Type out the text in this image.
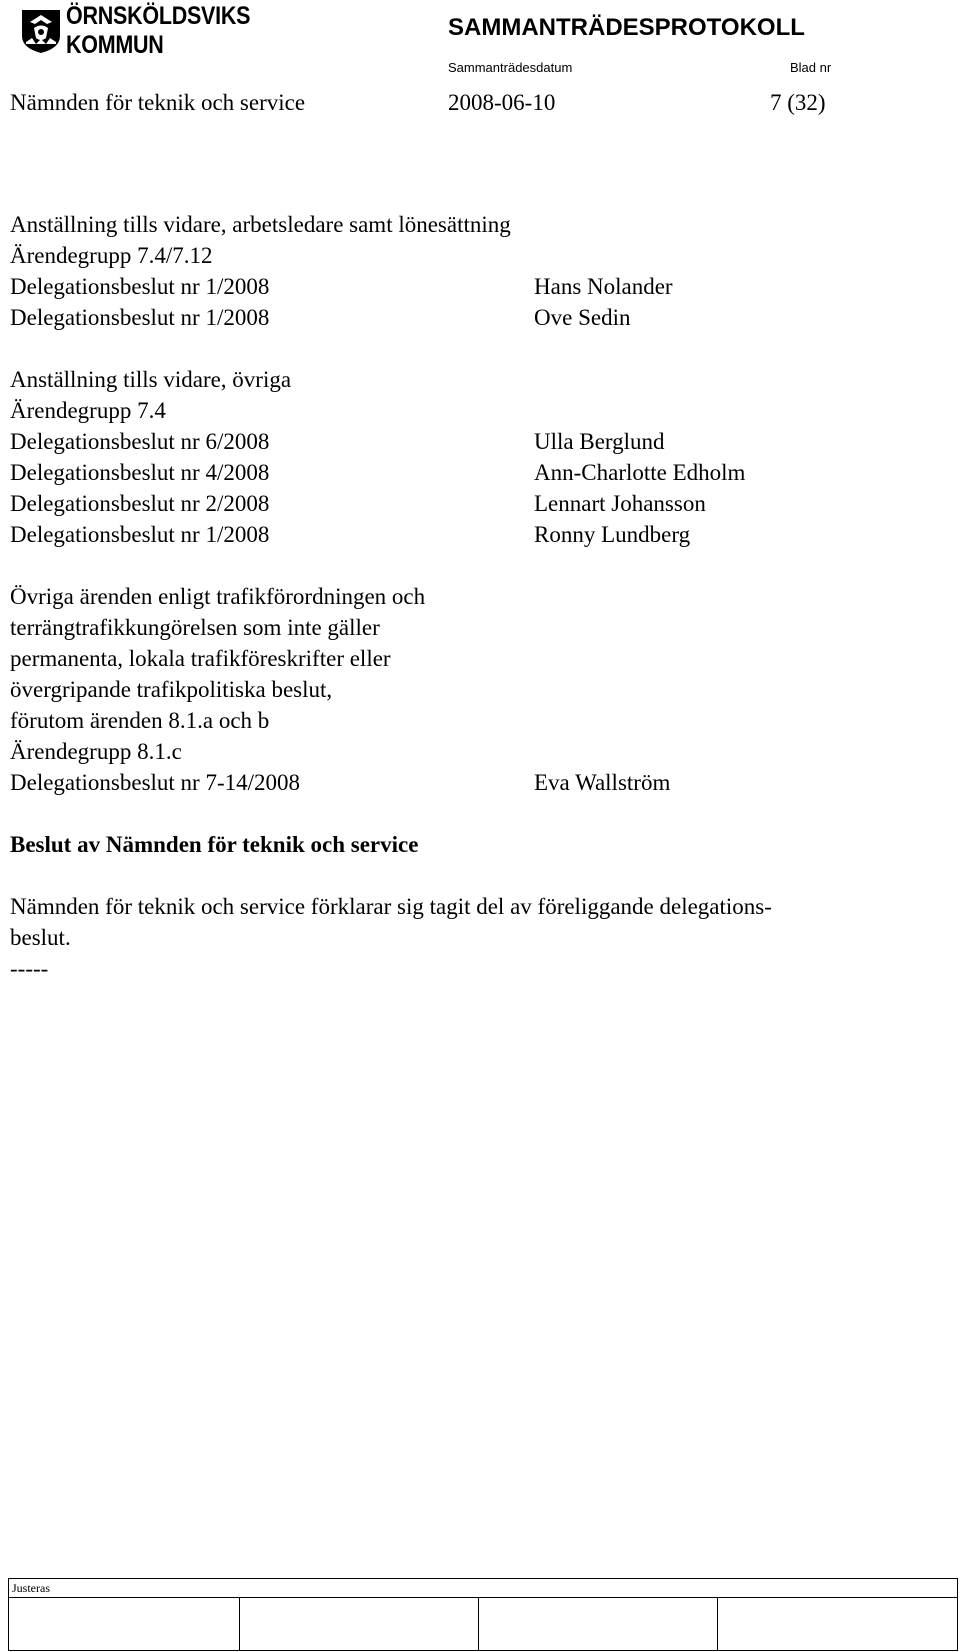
ÖRNSKÖLDSVIKS KOMMUN
SAMMANTRÄDESPROTOKOLL
Sammanträdesdatum	Blad nr
Nämnden för teknik och service	2008-06-10	7 (32)
Anställning tills vidare, arbetsledare samt lönesättning
Ärendegrupp 7.4/7.12
Delegationsbeslut nr 1/2008	Hans Nolander
Delegationsbeslut nr 1/2008	Ove Sedin
Anställning tills vidare, övriga
Ärendegrupp 7.4
Delegationsbeslut nr 6/2008	Ulla Berglund
Delegationsbeslut nr 4/2008	Ann-Charlotte Edholm
Delegationsbeslut nr 2/2008	Lennart Johansson
Delegationsbeslut nr 1/2008	Ronny Lundberg
Övriga ärenden enligt trafikförordningen och
terrängtrafikkungörelsen som inte gäller
permanenta, lokala trafikföreskrifter eller
övergripande trafikpolitiska beslut,
förutom ärenden 8.1.a och b
Ärendegrupp 8.1.c
Delegationsbeslut nr 7-14/2008	Eva Wallström
Beslut av Nämnden för teknik och service
Nämnden för teknik och service förklarar sig tagit del av föreliggande delegations-
beslut.
-----
Justeras
